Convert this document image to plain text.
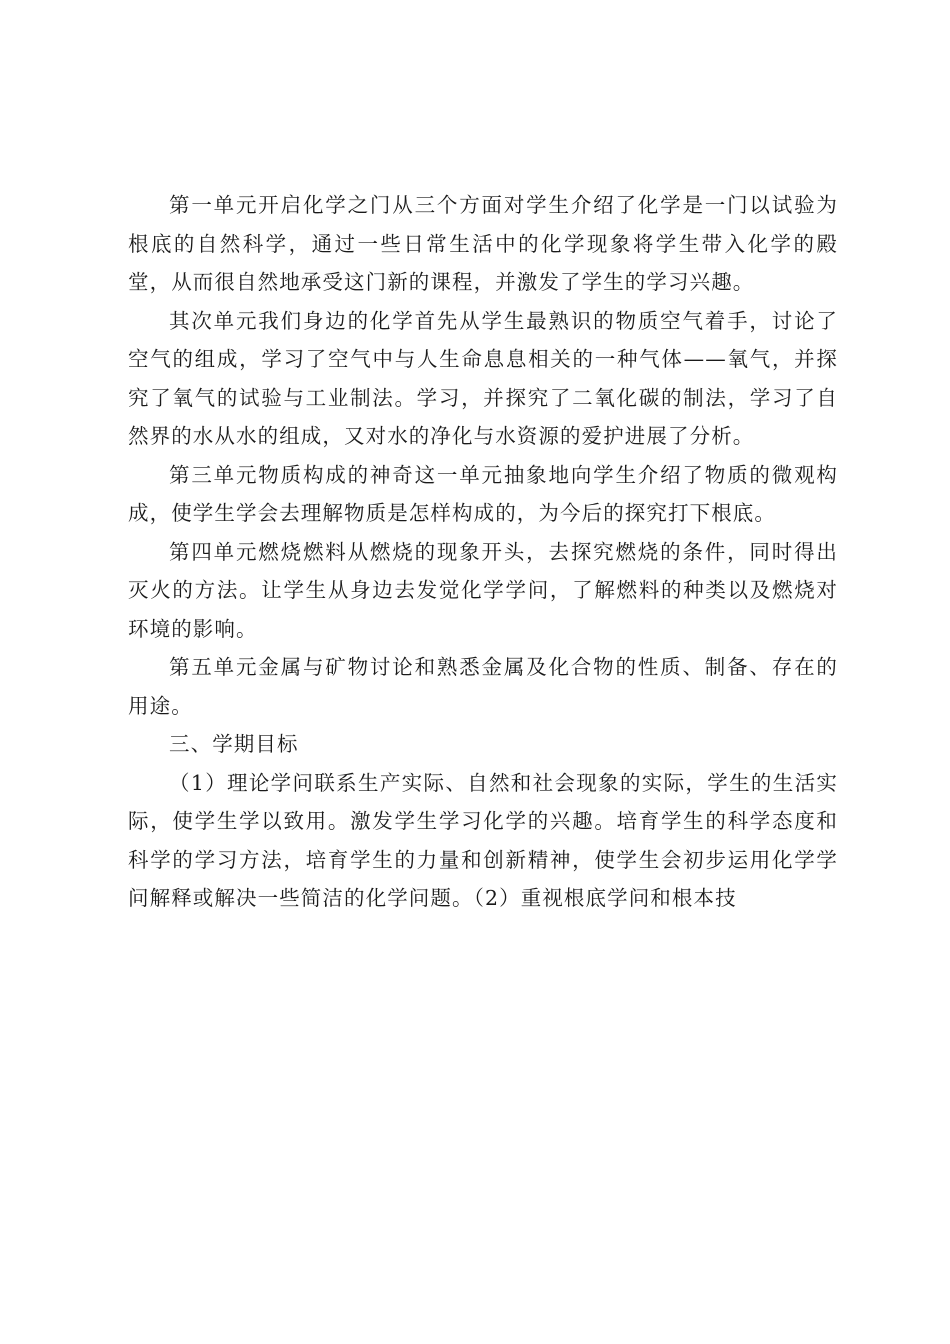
第一单元开启化学之门从三个方面对学生介绍了化学是一门以试验为根底的自然科学，通过一些日常生活中的化学现象将学生带入化学的殿堂，从而很自然地承受这门新的课程，并激发了学生的学习兴趣。

其次单元我们身边的化学首先从学生最熟识的物质空气着手，讨论了空气的组成，学习了空气中与人生命息息相关的一种气体——氧气，并探究了氧气的试验与工业制法。学习，并探究了二氧化碳的制法，学习了自然界的水从水的组成，又对水的净化与水资源的爱护进展了分析。

第三单元物质构成的神奇这一单元抽象地向学生介绍了物质的微观构成，使学生学会去理解物质是怎样构成的，为今后的探究打下根底。

第四单元燃烧燃料从燃烧的现象开头，去探究燃烧的条件，同时得出灭火的方法。让学生从身边去发觉化学学问，了解燃料的种类以及燃烧对环境的影响。

第五单元金属与矿物讨论和熟悉金属及化合物的性质、制备、存在的用途。

三、学期目标

（1）理论学问联系生产实际、自然和社会现象的实际，学生的生活实际，使学生学以致用。激发学生学习化学的兴趣。培育学生的科学态度和科学的学习方法，培育学生的力量和创新精神，使学生会初步运用化学学问解释或解决一些简洁的化学问题。（2）重视根底学问和根本技
